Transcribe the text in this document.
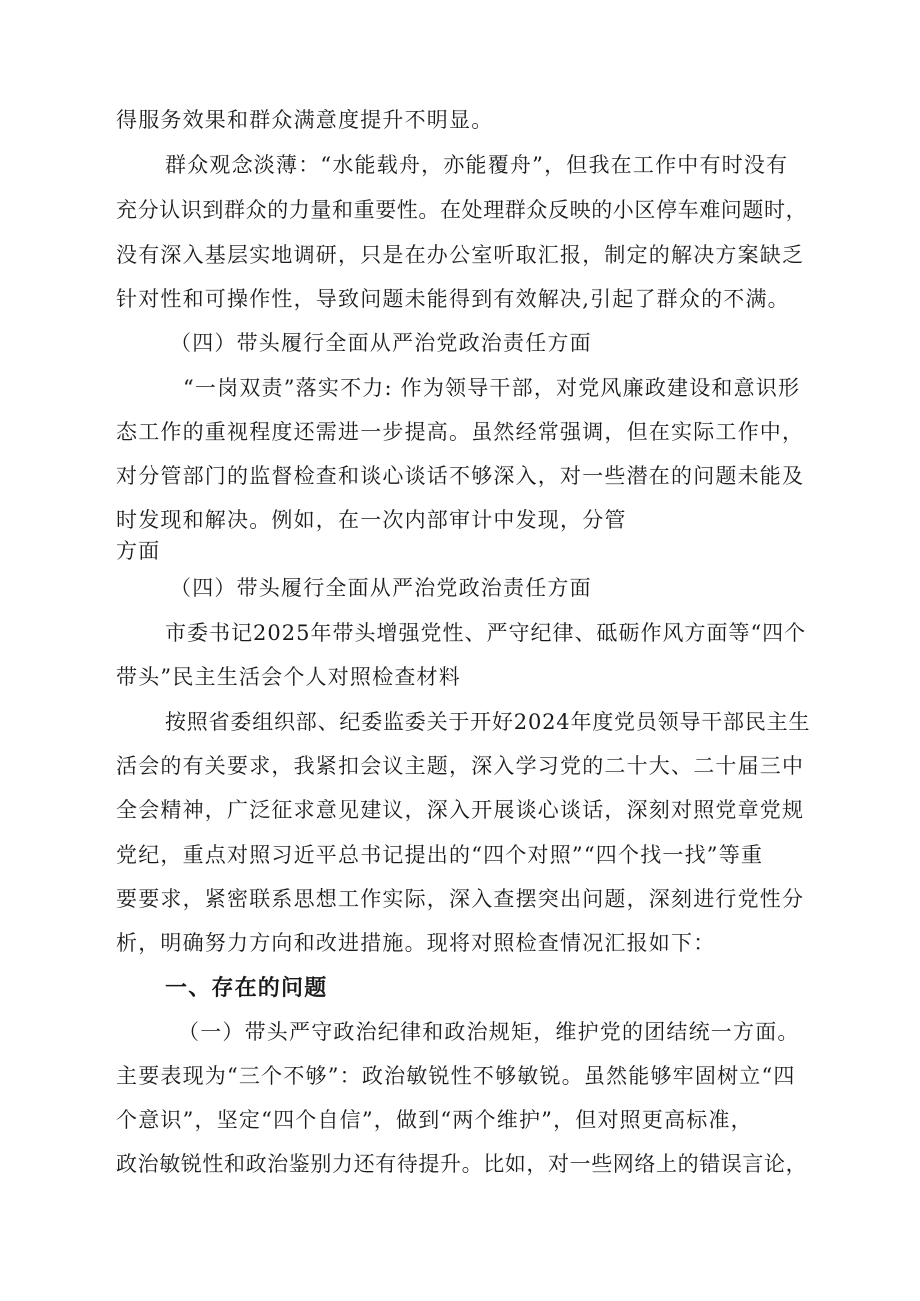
得服务效果和群众满意度提升不明显。
群众观念淡薄：“水能载舟，亦能覆舟”，但我在工作中有时没有
充分认识到群众的力量和重要性。在处理群众反映的小区停车难问题时，
没有深入基层实地调研，只是在办公室听取汇报，制定的解决方案缺乏
针对性和可操作性，导致问题未能得到有效解决,引起了群众的不满。
（四）带头履行全面从严治党政治责任方面
“一岗双责”落实不力: 作为领导干部，对党风廉政建设和意识形
态工作的重视程度还需进一步提高。虽然经常强调，但在实际工作中，
对分管部门的监督检查和谈心谈话不够深入，对一些潜在的问题未能及
时发现和解决。例如，在一次内部审计中发现，分管
方面
（四）带头履行全面从严治党政治责任方面
市委书记2025年带头增强党性、严守纪律、砥砺作风方面等“四个
带头”民主生活会个人对照检查材料
按照省委组织部、纪委监委关于开好2024年度党员领导干部民主生
活会的有关要求，我紧扣会议主题，深入学习党的二十大、二十届三中
全会精神，广泛征求意见建议，深入开展谈心谈话，深刻对照党章党规
党纪，重点对照习近平总书记提出的“四个对照”“四个找一找”等重
要要求，紧密联系思想工作实际，深入查摆突出问题，深刻进行党性分
析，明确努力方向和改进措施。现将对照检查情况汇报如下：
一、存在的问题
（一）带头严守政治纪律和政治规矩，维护党的团结统一方面。
主要表现为“三个不够”：政治敏锐性不够敏锐。虽然能够牢固树立“四
个意识”，坚定“四个自信”，做到“两个维护”，但对照更高标准，
政治敏锐性和政治鉴别力还有待提升。比如，对一些网络上的错误言论，
